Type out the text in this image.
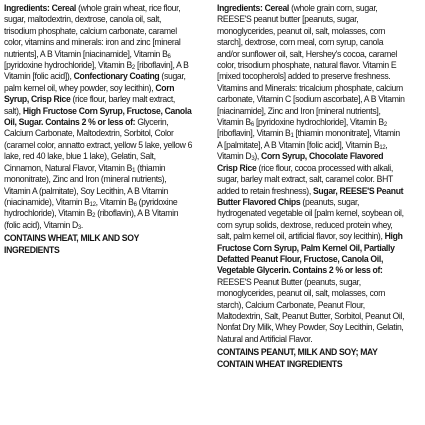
Ingredients: Cereal (whole grain wheat, rice flour, sugar, maltodextrin, dextrose, canola oil, salt, trisodium phosphate, calcium carbonate, caramel color, vitamins and minerals: iron and zinc [mineral nutrients], A B Vitamin [niacinamide], Vitamin $B_6$ [pyridoxine hydrochloride], Vitamin $B_2$ [riboflavin], A B Vitamin [folic acid]), Confectionary Coating (sugar, palm kernel oil, whey powder, soy lecithin), Corn Syrup, Crisp Rice (rice flour, barley malt extract, salt), High Fructose Corn Syrup, Fructose, Canola Oil, Sugar. Contains 2 % or less of: Glycerin, Calcium Carbonate, Maltodextrin, Sorbitol, Color (caramel color, annatto extract, yellow 5 lake, yellow 6 lake, red 40 lake, blue 1 lake), Gelatin, Salt, Cinnamon, Natural Flavor, Vitamin $B_1$ (thiamin mononitrate), Zinc and Iron (mineral nutrients), Vitamin A (palmitate), Soy Lecithin, A B Vitamin (niacinamide), Vitamin $B_{12}$, Vitamin $B_6$ (pyridoxine hydrochloride), Vitamin $B_2$ (riboflavin), A B Vitamin (folic acid), Vitamin $D_3$.

CONTAINS WHEAT, MILK AND SOY INGREDIENTS

Ingredients: Cereal (whole grain corn, sugar, REESE'S peanut butter [peanuts, sugar, monoglycerides, peanut oil, salt, molasses, corn starch], dextrose, corn meal, corn syrup, canola and/or sunflower oil, salt, Hershey's cocoa, caramel color, trisodium phosphate, natural flavor. Vitamin E [mixed tocopherols] added to preserve freshness. Vitamins and Minerals: tricalcium phosphate, calcium carbonate, Vitamin C [sodium ascorbate], A B Vitamin [niacinamide], Zinc and Iron [mineral nutrients], Vitamin $B_6$ [pyridoxine hydrochloride], Vitamin $B_2$ [riboflavin], Vitamin $B_1$ [thiamin mononitrate], Vitamin A [palmitate], A B Vitamin [folic acid], Vitamin $B_{12}$, Vitamin $D_3$), Corn Syrup, Chocolate Flavored Crisp Rice (rice flour, cocoa processed with alkali, sugar, barley malt extract, salt, caramel color. BHT added to retain freshness), Sugar, REESE'S Peanut Butter Flavored Chips (peanuts, sugar, hydrogenated vegetable oil [palm kernel, soybean oil, corn syrup solids, dextrose, reduced protein whey, salt, palm kernel oil, artificial flavor, soy lecithin), High Fructose Corn Syrup, Palm Kernel Oil, Partially Defatted Peanut Flour, Fructose, Canola Oil, Vegetable Glycerin. Contains 2 % or less of: REESE'S Peanut Butter (peanuts, sugar, monoglycerides, peanut oil, salt, molasses, corn starch), Calcium Carbonate, Peanut Flour, Maltodextrin, Salt, Peanut Butter, Sorbitol, Peanut Oil, Nonfat Dry Milk, Whey Powder, Soy Lecithin, Gelatin, Natural and Artificial Flavor.

CONTAINS PEANUT, MILK AND SOY; MAY CONTAIN WHEAT INGREDIENTS
